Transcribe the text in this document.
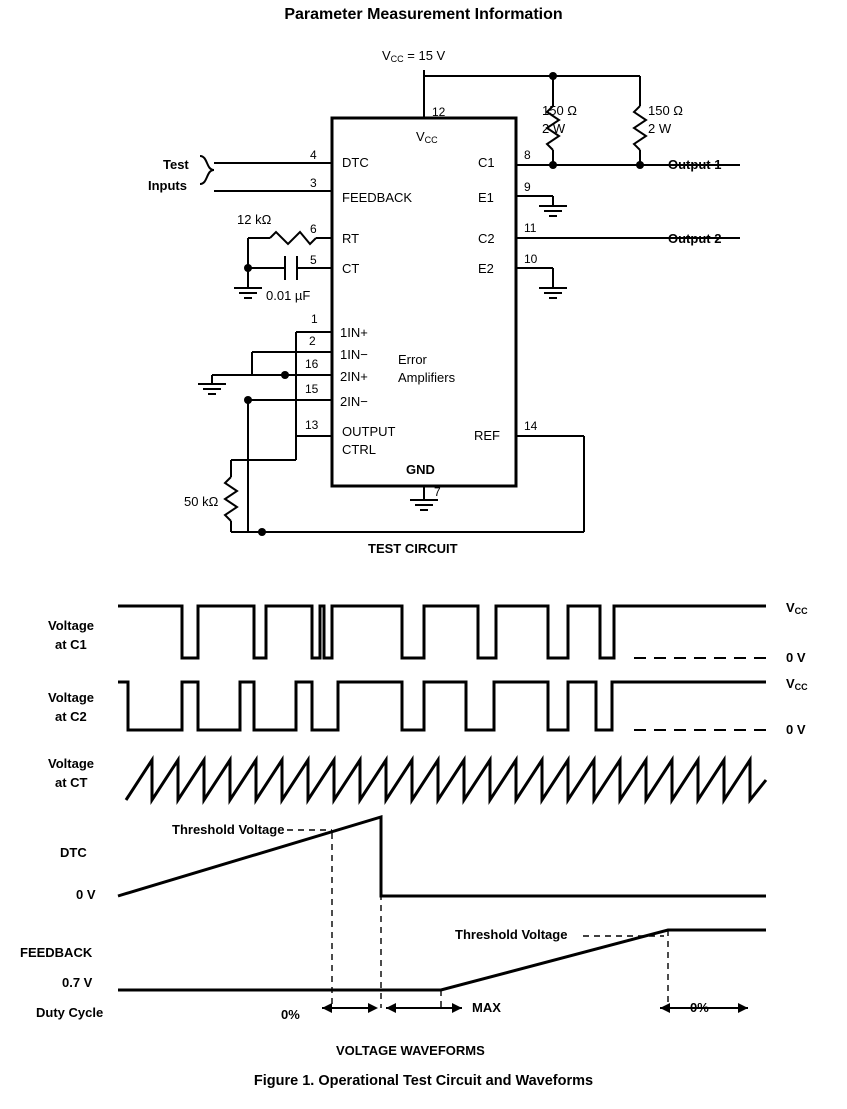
Parameter Measurement Information
$V_{CC} = 15$ V
12
$V_{CC}$
Test
Inputs
4 DTC
3
FEEDBACK
12 kΩ
6
RT
5
CT
0.01 µF
1
1IN+
2
1IN−
16
2IN+
15
2IN−
Error
Amplifiers
13 OUTPUT
CTRL
50 kΩ
GND
7
C1 8
E1
9
C2
11
E2
10
REF
14
150 Ω
2 W
150 Ω
2 W
Output 1
Output 2
TEST CIRCUIT
Voltage
at C1
$V_{CC}$
0 V
Voltage
at C2
$V_{CC}$
0 V
Voltage
at CT
Threshold Voltage
DTC
0 V
Threshold Voltage
FEEDBACK
0.7 V
Duty Cycle	0%	MAX	0%
VOLTAGE WAVEFORMS
Figure 1. Operational Test Circuit and Waveforms
